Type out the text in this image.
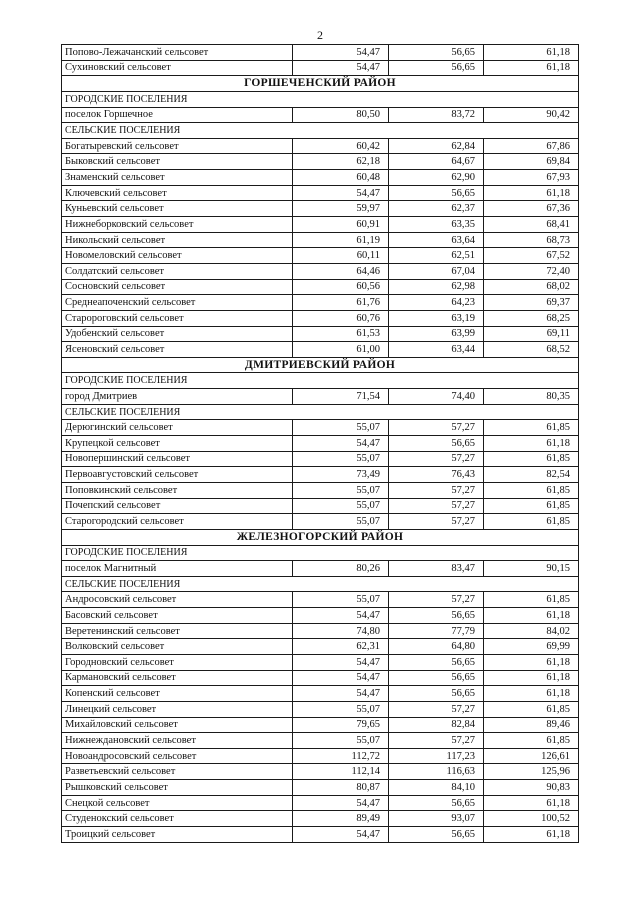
2
Попово-Лежачанский сельсовет	54,47	56,65	61,18
Сухиновский сельсовет	54,47	56,65	61,18
ГОРШЕЧЕНСКИЙ РАЙОН			
ГОРОДСКИЕ ПОСЕЛЕНИЯ			
поселок Горшечное	80,50	83,72	90,42
СЕЛЬСКИЕ ПОСЕЛЕНИЯ			
Богатыревский сельсовет	60,42	62,84	67,86
Быковский сельсовет	62,18	64,67	69,84
Знаменский сельсовет	60,48	62,90	67,93
Ключевский сельсовет	54,47	56,65	61,18
Куньевский сельсовет	59,97	62,37	67,36
Нижнеборковский сельсовет	60,91	63,35	68,41
Никольский сельсовет	61,19	63,64	68,73
Новомеловский сельсовет	60,11	62,51	67,52
Солдатский сельсовет	64,46	67,04	72,40
Сосновский сельсовет	60,56	62,98	68,02
Среднеапоченский сельсовет	61,76	64,23	69,37
Старороговский сельсовет	60,76	63,19	68,25
Удобенский сельсовет	61,53	63,99	69,11
Ясеновский сельсовет	61,00	63,44	68,52
ДМИТРИЕВСКИЙ РАЙОН			
ГОРОДСКИЕ ПОСЕЛЕНИЯ			
город Дмитриев	71,54	74,40	80,35
СЕЛЬСКИЕ ПОСЕЛЕНИЯ			
Дерюгинский сельсовет	55,07	57,27	61,85
Крупецкой сельсовет	54,47	56,65	61,18
Новопершинский сельсовет	55,07	57,27	61,85
Первоавгустовский сельсовет	73,49	76,43	82,54
Поповкинский сельсовет	55,07	57,27	61,85
Почепский сельсовет	55,07	57,27	61,85
Старогородский сельсовет	55,07	57,27	61,85
ЖЕЛЕЗНОГОРСКИЙ РАЙОН			
ГОРОДСКИЕ ПОСЕЛЕНИЯ			
поселок Магнитный	80,26	83,47	90,15
СЕЛЬСКИЕ ПОСЕЛЕНИЯ			
Андросовский сельсовет	55,07	57,27	61,85
Басовский сельсовет	54,47	56,65	61,18
Веретенинский сельсовет	74,80	77,79	84,02
Волковский сельсовет	62,31	64,80	69,99
Городновский сельсовет	54,47	56,65	61,18
Кармановский сельсовет	54,47	56,65	61,18
Копенский сельсовет	54,47	56,65	61,18
Линецкий сельсовет	55,07	57,27	61,85
Михайловский сельсовет	79,65	82,84	89,46
Нижнеждановский сельсовет	55,07	57,27	61,85
Новоандросовский сельсовет	112,72	117,23	126,61
Разветьевский сельсовет	112,14	116,63	125,96
Рышковский сельсовет	80,87	84,10	90,83
Снецкой сельсовет	54,47	56,65	61,18
Студенокский сельсовет	89,49	93,07	100,52
Троицкий сельсовет	54,47	56,65	61,18
